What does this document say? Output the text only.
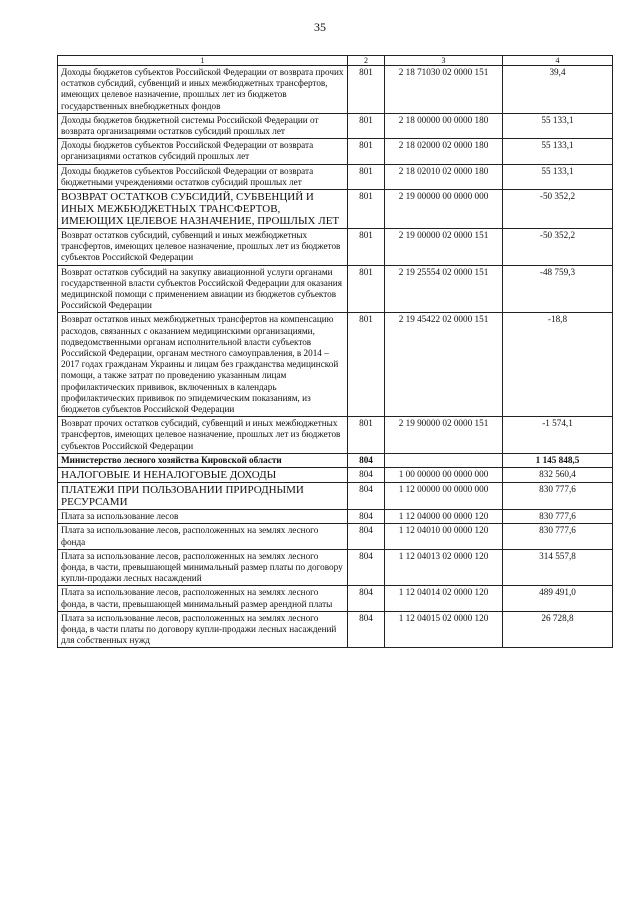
35
1	2	3	4
Доходы бюджетов субъектов Российской Федерации от возврата прочих остатков субсидий, субвенций и иных межбюджетных трансфертов, имеющих целевое назначение, прошлых лет из бюджетов государственных внебюджетных фондов	801	2 18 71030 02 0000 151	39,4
Доходы бюджетов бюджетной системы Российской Федерации от возврата организациями остатков субсидий прошлых лет	801	2 18 00000 00 0000 180	55 133,1
Доходы бюджетов субъектов Российской Федерации от возврата организациями остатков субсидий прошлых лет	801	2 18 02000 02 0000 180	55 133,1
Доходы бюджетов субъектов Российской Федерации от возврата бюджетными учреждениями остатков субсидий прошлых лет	801	2 18 02010 02 0000 180	55 133,1
ВОЗВРАТ ОСТАТКОВ СУБСИДИЙ, СУБВЕНЦИЙ И ИНЫХ МЕЖБЮДЖЕТНЫХ ТРАНСФЕРТОВ, ИМЕЮЩИХ ЦЕЛЕВОЕ НАЗНАЧЕНИЕ, ПРОШЛЫХ ЛЕТ	801	2 19 00000 00 0000 000	-50 352,2
Возврат остатков субсидий, субвенций и иных межбюджетных трансфертов, имеющих целевое назначение, прошлых лет из бюджетов субъектов Российской Федерации	801	2 19 00000 02 0000 151	-50 352,2
Возврат остатков субсидий на закупку авиационной услуги органами государственной власти субъектов Российской Федерации для оказания медицинской помощи с применением авиации из бюджетов субъектов Российской Федерации	801	2 19 25554 02 0000 151	-48 759,3
Возврат остатков иных межбюджетных трансфертов на компенсацию расходов, связанных с оказанием медицинскими организациями, подведомственными органам исполнительной власти субъектов Российской Федерации, органам местного самоуправления, в 2014 – 2017 годах гражданам Украины и лицам без гражданства медицинской помощи, а также затрат по проведению указанным лицам профилактических прививок, включенных в календарь профилактических прививок по эпидемическим показаниям, из бюджетов субъектов Российской Федерации	801	2 19 45422 02 0000 151	-18,8
Возврат прочих остатков субсидий, субвенций и иных межбюджетных трансфертов, имеющих целевое назначение, прошлых лет из бюджетов субъектов Российской Федерации	801	2 19 90000 02 0000 151	-1 574,1
Министерство лесного хозяйства Кировской области	804		1 145 848,5
НАЛОГОВЫЕ И НЕНАЛОГОВЫЕ ДОХОДЫ	804	1 00 00000 00 0000 000	832 560,4
ПЛАТЕЖИ ПРИ ПОЛЬЗОВАНИИ ПРИРОДНЫМИ РЕСУРСАМИ	804	1 12 00000 00 0000 000	830 777,6
Плата за использование лесов	804	1 12 04000 00 0000 120	830 777,6
Плата за использование лесов, расположенных на землях лесного фонда	804	1 12 04010 00 0000 120	830 777,6
Плата за использование лесов, расположенных на землях лесного фонда, в части, превышающей минимальный размер платы по договору купли-продажи лесных насаждений	804	1 12 04013 02 0000 120	314 557,8
Плата за использование лесов, расположенных на землях лесного фонда, в части, превышающей минимальный размер арендной платы	804	1 12 04014 02 0000 120	489 491,0
Плата за использование лесов, расположенных на землях лесного фонда, в части платы по договору купли-продажи лесных насаждений для собственных нужд	804	1 12 04015 02 0000 120	26 728,8
